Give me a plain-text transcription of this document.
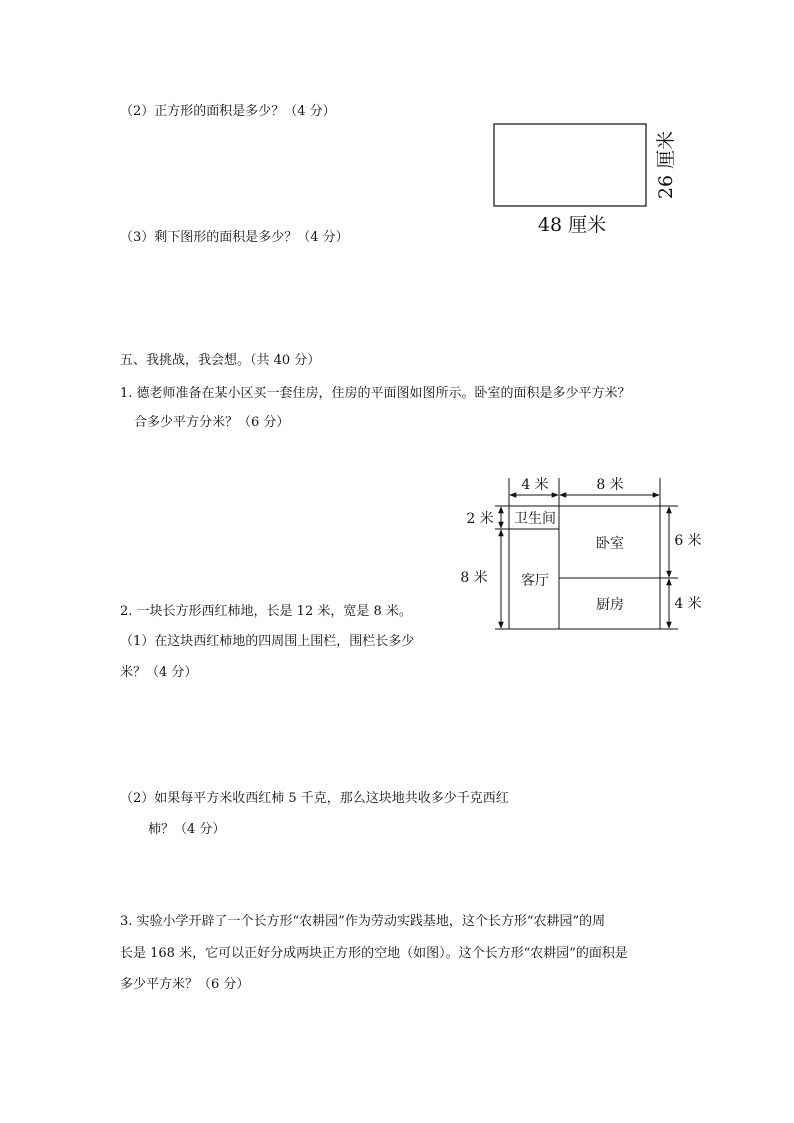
（2）正方形的面积是多少？（4 分）
（3）剩下图形的面积是多少？（4 分）
48 厘米
26 厘米
五、我挑战，我会想。（共 40 分）
1. 德老师准备在某小区买一套住房，住房的平面图如图所示。卧室的面积是多少平方米？
合多少平方分米？（6 分）
4 米	8 米
2 米
8 米
6 米
4 米
卫生间
客厅
卧室
厨房
2. 一块长方形西红柿地，长是 12 米，宽是 8 米。
（1）在这块西红柿地的四周围上围栏，围栏长多少
米？（4 分）
（2）如果每平方米收西红柿 5 千克，那么这块地共收多少千克西红
柿？（4 分）
3. 实验小学开辟了一个长方形“农耕园”作为劳动实践基地，这个长方形“农耕园”的周
长是 168 米，它可以正好分成两块正方形的空地（如图）。这个长方形“农耕园”的面积是
多少平方米？（6 分）
